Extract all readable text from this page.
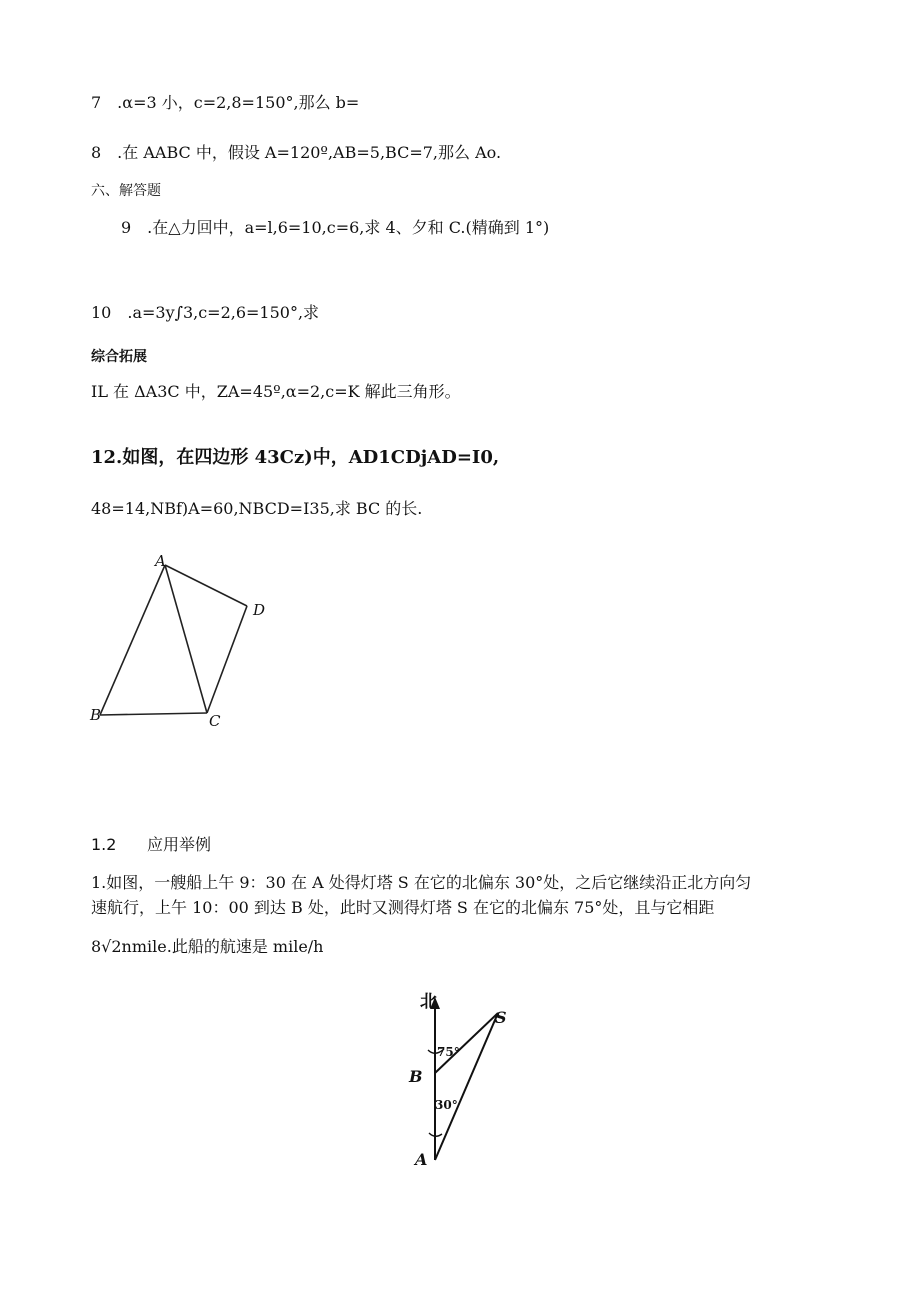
7　.α=3 小，c=2,8=150°,那么 b=
8　.在 AABC 中，假设 A=120º,AB=5,BC=7,那么 Ao.
六、解答题
9　.在△力回中，a=l,6=10,c=6,求 4、夕和 C.(精确到 1°)
10　.a=3y∫3,c=2,6=150°,求
综合拓展
IL 在 ΔA3C 中，ZA=45º,α=2,c=K 解此三角形。
12.如图，在四边形 43Cz)中，AD1CDjAD=I0,
48=14,NBf)A=60,NBCD=I35,求 BC 的长.
A
D
B	C
1.2 应用举例
1.如图，一艘船上午 9：30 在 A 处得灯塔 S 在它的北偏东 30°处，之后它继续沿正北方向匀
速航行，上午 10：00 到达 B 处，此时又测得灯塔 S 在它的北偏东 75°处，且与它相距
8√2nmile.此船的航速是 mile/h
北
S
B
A
75°
30°
